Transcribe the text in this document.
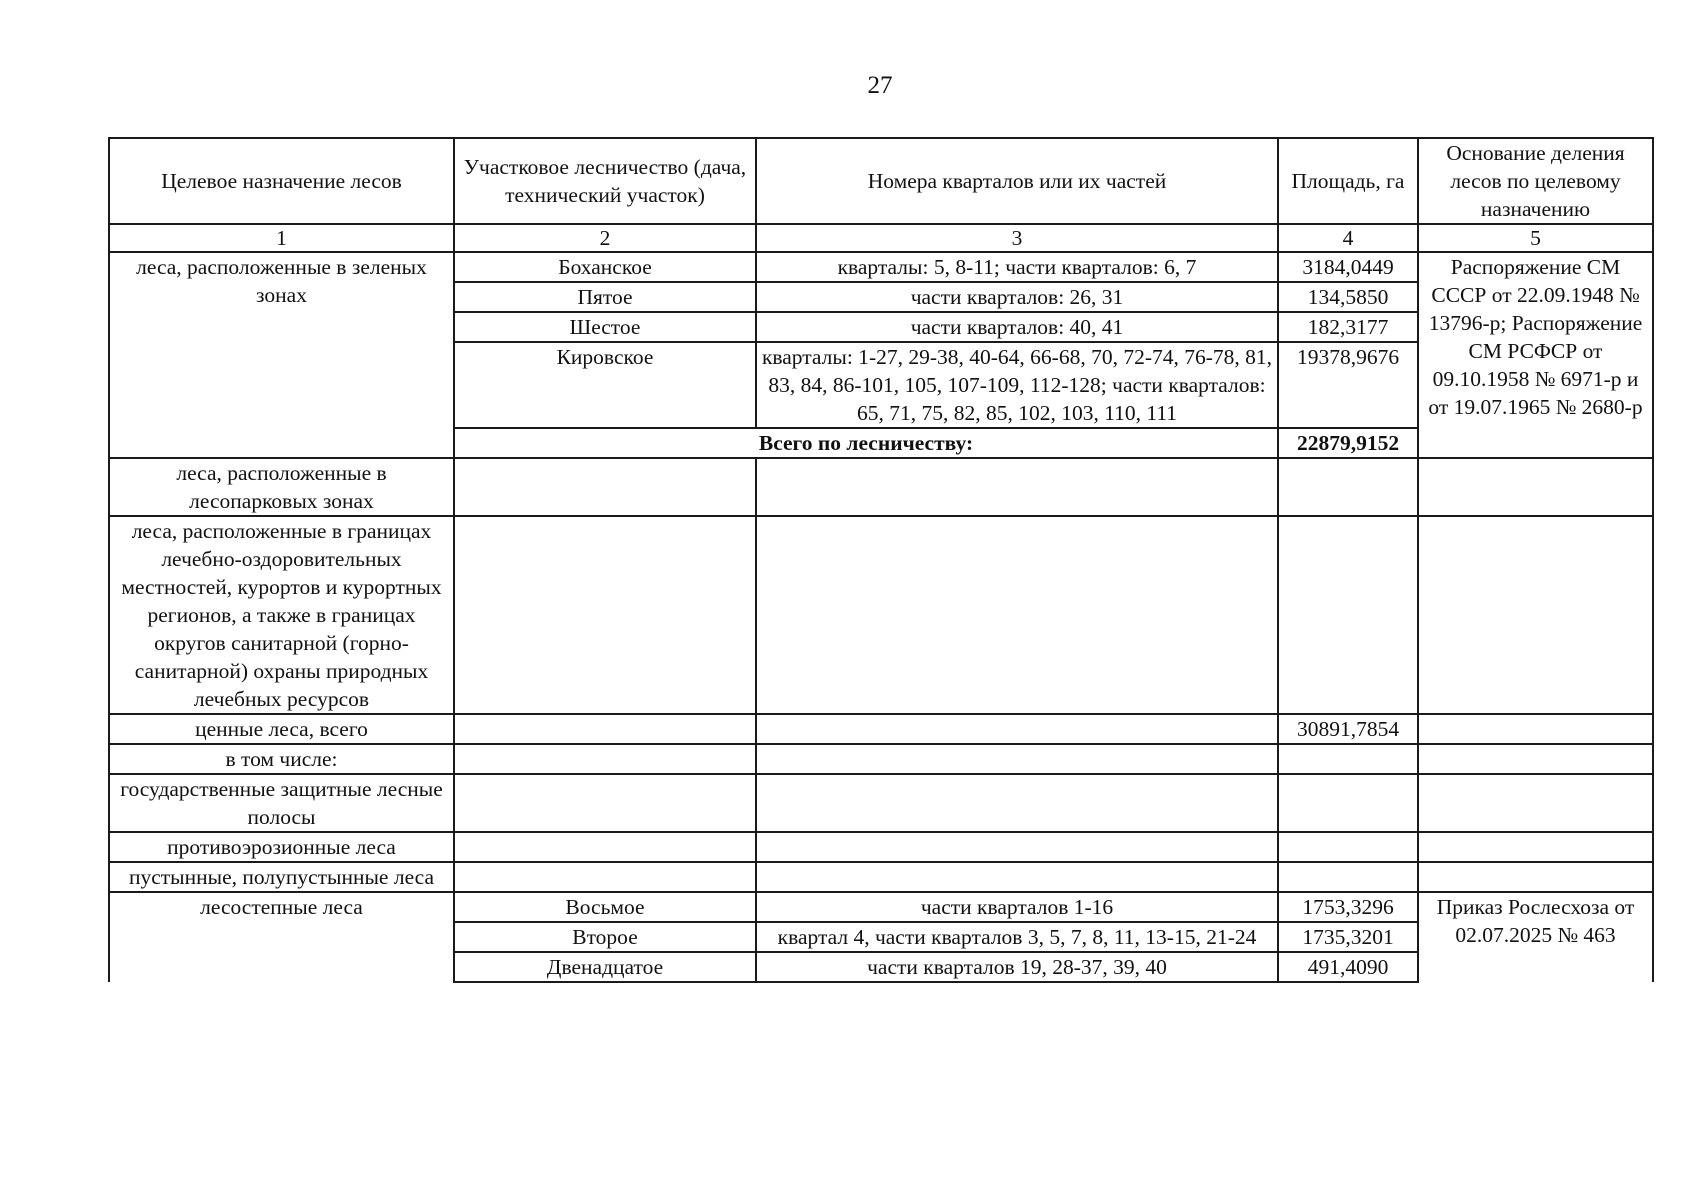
27
Целевое назначение лесов	Участковое лесничество (дача, технический участок)	Номера кварталов или их частей	Площадь, га	Основание деления лесов по целевому назначению
1	2	3	4	5
леса, расположенные в зеленых зонах	Боханское	кварталы: 5, 8-11; части кварталов: 6, 7	3184,0449	Распоряжение СМ СССР от 22.09.1948 № 13796-р; Распоряжение СМ РСФСР от 09.10.1958 № 6971-р и от 19.07.1965 № 2680-р
	Пятое	части кварталов: 26, 31	134,5850	
	Шестое	части кварталов: 40, 41	182,3177	
	Кировское	кварталы: 1-27, 29-38, 40-64, 66-68, 70, 72-74, 76-78, 81, 83, 84, 86-101, 105, 107-109, 112-128; части кварталов: 65, 71, 75, 82, 85, 102, 103, 110, 111	19378,9676	
	Всего по лесничеству:		22879,9152	
леса, расположенные в лесопарковых зонах				
леса, расположенные в границах лечебно-оздоровительных местностей, курортов и курортных регионов, а также в границах округов санитарной (горно-санитарной) охраны природных лечебных ресурсов				
ценные леса, всего			30891,7854	
в том числе:				
государственные защитные лесные полосы				
противоэрозионные леса				
пустынные, полупустынные леса				
лесостепные леса	Восьмое	части кварталов 1-16	1753,3296	Приказ Рослесхоза от 02.07.2025 № 463
	Второе	квартал 4, части кварталов 3, 5, 7, 8, 11, 13-15, 21-24	1735,3201	
	Двенадцатое	части кварталов 19, 28-37, 39, 40	491,4090	
